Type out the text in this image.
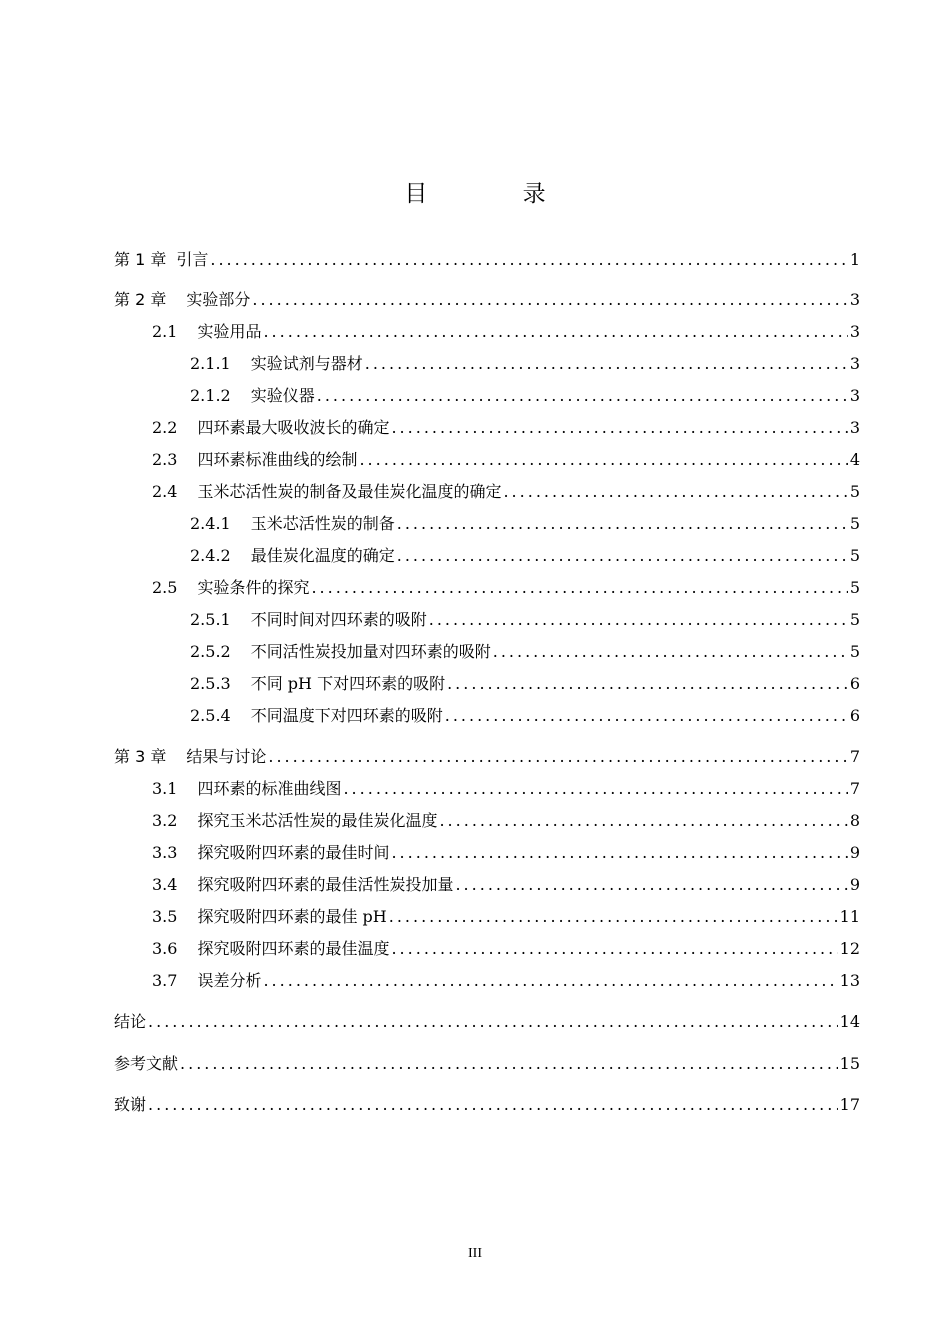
目 录
第 1 章 引言 .....	1
第 2 章 实验部分 .....	3
2.1 实验用品 .....	3
2.1.1 实验试剂与器材 .....	3
2.1.2 实验仪器 .....	3
2.2 四环素最大吸收波长的确定 .....	3
2.3 四环素标准曲线的绘制 .....	4
2.4 玉米芯活性炭的制备及最佳炭化温度的确定 .....	5
2.4.1 玉米芯活性炭的制备 .....	5
2.4.2 最佳炭化温度的确定 .....	5
2.5 实验条件的探究 .....	5
2.5.1 不同时间对四环素的吸附 .....	5
2.5.2 不同活性炭投加量对四环素的吸附 .....	5
2.5.3 不同 pH 下对四环素的吸附 .....	6
2.5.4 不同温度下对四环素的吸附 .....	6
第 3 章 结果与讨论 .....	7
3.1 四环素的标准曲线图 .....	7
3.2 探究玉米芯活性炭的最佳炭化温度 .....	8
3.3 探究吸附四环素的最佳时间 .....	9
3.4 探究吸附四环素的最佳活性炭投加量 .....	9
3.5 探究吸附四环素的最佳 pH .....	11
3.6 探究吸附四环素的最佳温度 .....	12
3.7 误差分析 .....	13
结论 .....	14
参考文献 .....	15
致谢 .....	17
III
